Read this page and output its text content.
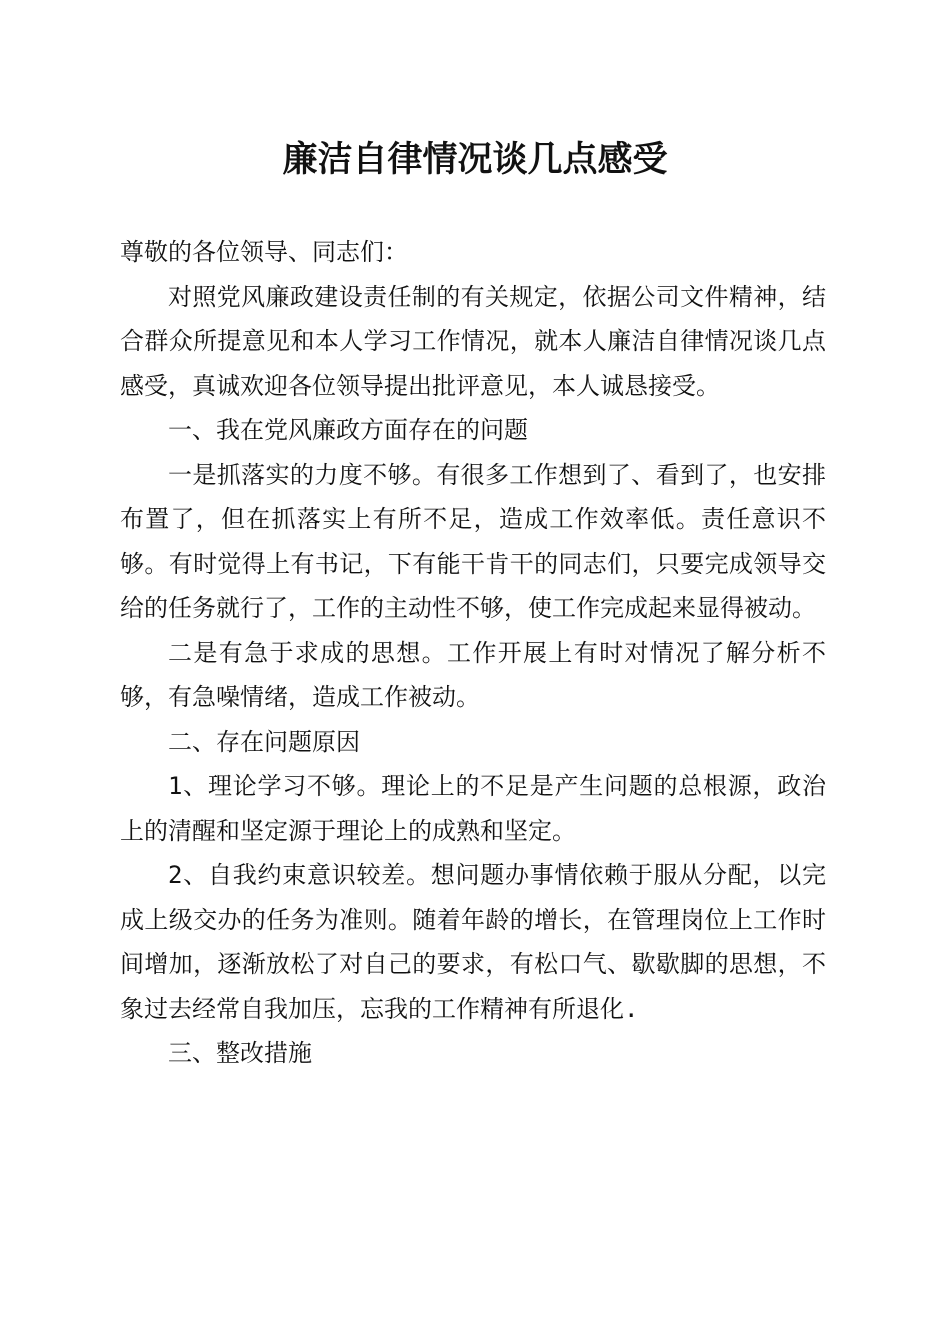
廉洁自律情况谈几点感受

尊敬的各位领导、同志们：

对照党风廉政建设责任制的有关规定，依据公司文件精神，结合群众所提意见和本人学习工作情况，就本人廉洁自律情况谈几点感受，真诚欢迎各位领导提出批评意见，本人诚恳接受。

一、我在党风廉政方面存在的问题

一是抓落实的力度不够。有很多工作想到了、看到了，也安排布置了，但在抓落实上有所不足，造成工作效率低。责任意识不够。有时觉得上有书记，下有能干肯干的同志们，只要完成领导交给的任务就行了，工作的主动性不够，使工作完成起来显得被动。

二是有急于求成的思想。工作开展上有时对情况了解分析不够，有急噪情绪，造成工作被动。

二、存在问题原因

1、理论学习不够。理论上的不足是产生问题的总根源，政治上的清醒和坚定源于理论上的成熟和坚定。

2、自我约束意识较差。想问题办事情依赖于服从分配，以完成上级交办的任务为准则。随着年龄的增长，在管理岗位上工作时间增加，逐渐放松了对自己的要求，有松口气、歇歇脚的思想，不象过去经常自我加压，忘我的工作精神有所退化.

三、整改措施
